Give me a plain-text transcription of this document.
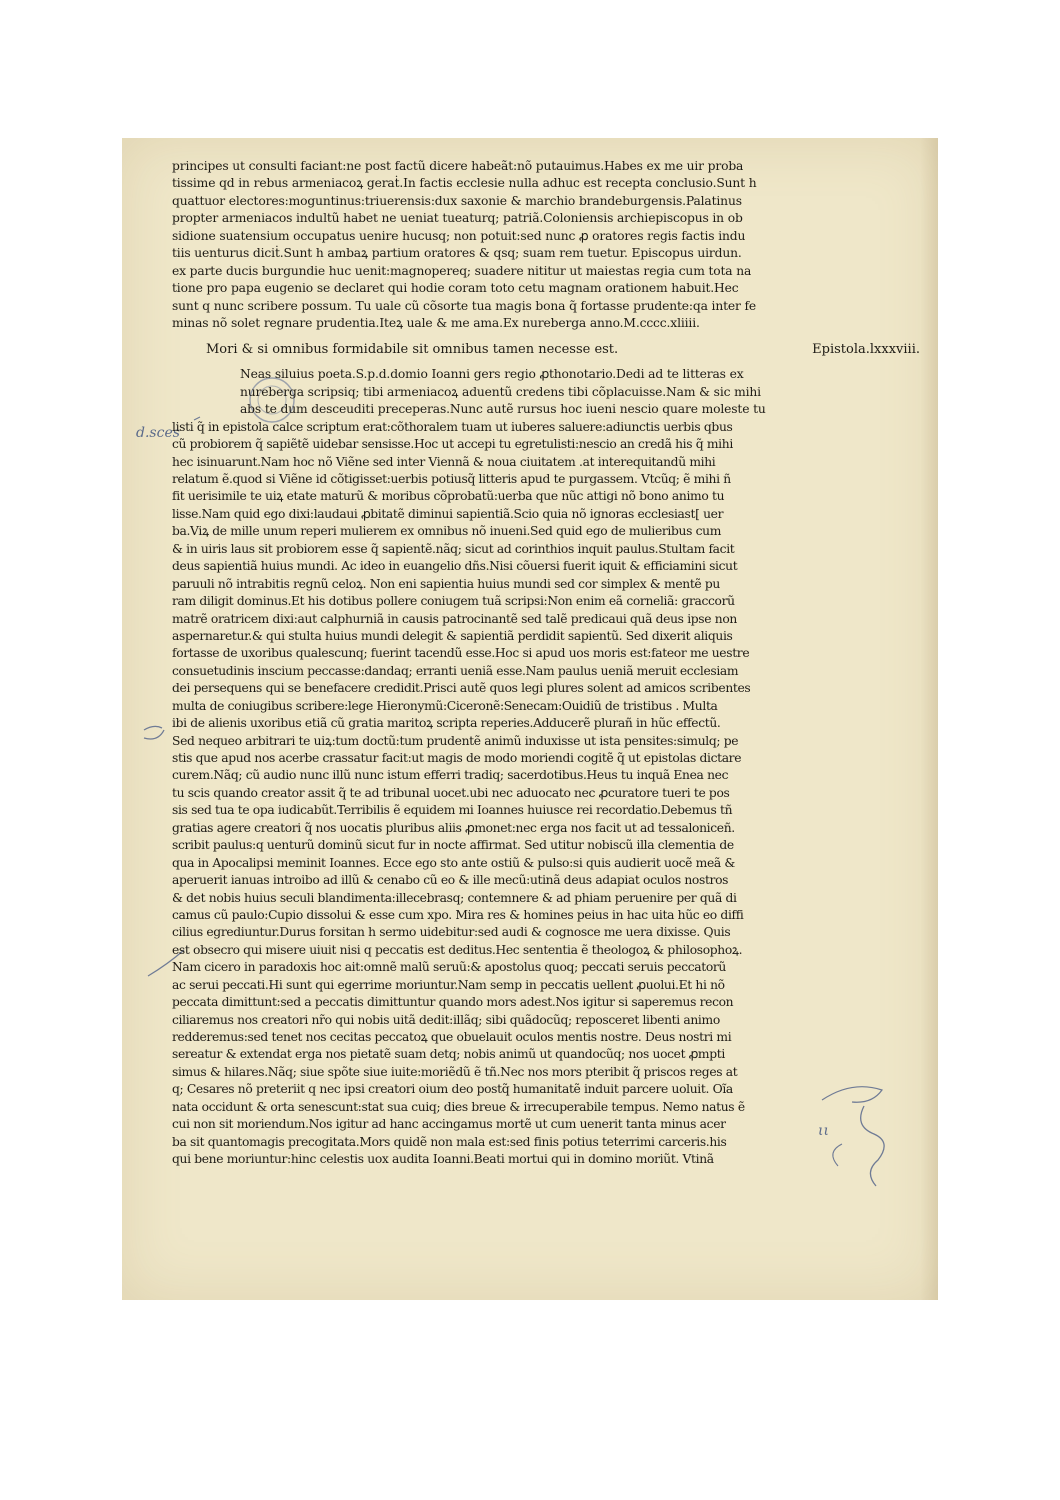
d.sces
ιι
principes ut consulti faciant:ne post factũ dicere habeãt:nõ putauimus.Habes ex me uir proba
tissime qd in rebus armeniacoꝝ geraṫ.In factis ecclesie nulla adhuc est recepta conclusio.Sunt h
quattuor electores:moguntinus:triuerensis:dux saxonie & marchio brandeburgensis.Palatinus
propter armeniacos indultũ habet ne ueniat tueaturq; patriã.Coloniensis archiepiscopus in ob
sidione suatensium occupatus uenire hucusq; non potuit:sed nunc ꝓ oratores regis factis indu
tiis uenturus diciṫ.Sunt h ambaꝝ partium oratores & qsq; suam rem tuetur. Episcopus uirdun.
ex parte ducis burgundie huc uenit:magnopereq; suadere nititur ut maiestas regia cum tota na
tione pro papa eugenio se declaret qui hodie coram toto cetu magnam orationem habuit.Hec
sunt q nunc scribere possum. Tu uale cũ cõsorte tua magis bona q̃ fortasse prudente:qa inter fe
minas nõ solet regnare prudentia.Iteꝝ uale & me ama.Ex nureberga anno.M.cccc.xliiii.
Mori & si omnibus formidabile sit omnibus tamen necesse est.	Epistola.lxxxviii.
Neas siluius poeta.S.p.d.domio Ioanni gers regio ꝓthonotario.Dedi ad te litteras ex
nureberga scripsiq; tibi armeniacoꝝ aduentũ credens tibi cõplacuisse.Nam & sic mihi
abs te dum desceuditi preceperas.Nunc autẽ rursus hoc iueni nescio quare moleste tu
listi q̃ in epistola calce scriptum erat:cõthoralem tuam ut iuberes saluere:adiunctis uerbis qbus
cũ probiorem q̃ sapiẽtẽ uidebar sensisse.Hoc ut accepi tu egretulisti:nescio an credã his q̃ mihi
hec isinuarunt.Nam hoc nõ Viẽne sed inter Viennã & noua ciuitatem .at interequitandũ mihi
relatum ẽ.quod si Viẽne id cõtigisset:uerbis potiusq̃ litteris apud te purgassem. Vtcũq; ẽ mihi ñ
fit uerisimile te uiꝝ etate maturũ & moribus cõprobatũ:uerba que nũc attigi nõ bono animo tu
lisse.Nam quid ego dixi:laudaui ꝓbitatẽ diminui sapientiã.Scio quia nõ ignoras ecclesiast[ uer
ba.Viꝝ de mille unum reperi mulierem ex omnibus nõ inueni.Sed quid ego de mulieribus cum
& in uiris laus sit probiorem esse q̃ sapientẽ.nãq; sicut ad corinthios inquit paulus.Stultam facit
deus sapientiã huius mundi. Ac ideo in euangelio dñs.Nisi cõuersi fuerit iquit & efficiamini sicut
paruuli nõ intrabitis regnũ celoꝝ. Non eni sapientia huius mundi sed cor simplex & mentẽ pu
ram diligit dominus.Et his dotibus pollere coniugem tuã scripsi:Non enim eã corneliã: graccorũ
matrẽ oratricem dixi:aut calphurniã in causis patrocinantẽ sed talẽ predicaui quã deus ipse non
aspernaretur.& qui stulta huius mundi delegit & sapientiã perdidit sapientũ. Sed dixerit aliquis
fortasse de uxoribus qualescunq; fuerint tacendũ esse.Hoc si apud uos moris est:fateor me uestre
consuetudinis inscium peccasse:dandaq; erranti ueniã esse.Nam paulus ueniã meruit ecclesiam
dei persequens qui se benefacere credidit.Prisci autẽ quos legi plures solent ad amicos scribentes
multa de coniugibus scribere:lege Hieronymũ:Ciceronẽ:Senecam:Ouidiũ de tristibus . Multa
ibi de alienis uxoribus etiã cũ gratia maritoꝝ scripta reperies.Adducerẽ plurañ in hũc effectũ.
Sed nequeo arbitrari te uiꝝ:tum doctũ:tum prudentẽ animũ induxisse ut ista pensites:simulq; pe
stis que apud nos acerbe crassatur facit:ut magis de modo moriendi cogitẽ q̃ ut epistolas dictare
curem.Nãq; cũ audio nunc illũ nunc istum efferri tradiq; sacerdotibus.Heus tu inquã Enea nec
tu scis quando creator assit q̃ te ad tribunal uocet.ubi nec aduocato nec ꝓcuratore tueri te pos
sis sed tua te opa iudicabũt.Terribilis ẽ equidem mi Ioannes huiusce rei recordatio.Debemus tñ
gratias agere creatori q̃ nos uocatis pluribus aliis ꝓmonet:nec erga nos facit ut ad tessaloniceñ.
scribit paulus:q uenturũ dominũ sicut fur in nocte affirmat. Sed utitur nobiscũ illa clementia de
qua in Apocalipsi meminit Ioannes. Ecce ego sto ante ostiũ & pulso:si quis audierit uocẽ meã &
aperuerit ianuas introibo ad illũ & cenabo cũ eo & ille mecũ:utinã deus adapiat oculos nostros
& det nobis huius seculi blandimenta:illecebrasq; contemnere & ad phiam peruenire per quã di
camus cũ paulo:Cupio dissolui & esse cum xpo. Mira res & homines peius in hac uita hũc eo diffi
cilius egrediuntur.Durus forsitan h sermo uidebitur:sed audi & cognosce me uera dixisse. Quis
est obsecro qui misere uiuit nisi q peccatis est deditus.Hec sententia ẽ theologoꝝ & philosophoꝝ.
Nam cicero in paradoxis hoc ait:omnẽ malũ seruũ:& apostolus quoq; peccati seruis peccatorũ
ac serui peccati.Hi sunt qui egerrime moriuntur.Nam semp in peccatis uellent ꝓuolui.Et hi nõ
peccata dimittunt:sed a peccatis dimittuntur quando mors adest.Nos igitur si saperemus recon
ciliaremus nos creatori nr̃o qui nobis uitã dedit:illãq; sibi quãdocũq; reposceret libenti animo
redderemus:sed tenet nos cecitas peccatoꝝ que obuelauit oculos mentis nostre. Deus nostri mi
sereatur & extendat erga nos pietatẽ suam detq; nobis animũ ut quandocũq; nos uocet ꝓmpti
simus & hilares.Nãq; siue spõte siue iuite:moriẽdũ ẽ tñ.Nec nos mors pteribit q̃ priscos reges at
q; Cesares nõ preteriit q nec ipsi creatori oium deo postq̃ humanitatẽ induit parcere uoluit. Oĩa
nata occidunt & orta senescunt:stat sua cuiq; dies breue & irrecuperabile tempus. Nemo natus ẽ
cui non sit moriendum.Nos igitur ad hanc accingamus mortẽ ut cum uenerit tanta minus acer
ba sit quantomagis precogitata.Mors quidẽ non mala est:sed finis potius teterrimi carceris.his
qui bene moriuntur:hinc celestis uox audita Ioanni.Beati mortui qui in domino moriũt. Vtinã
